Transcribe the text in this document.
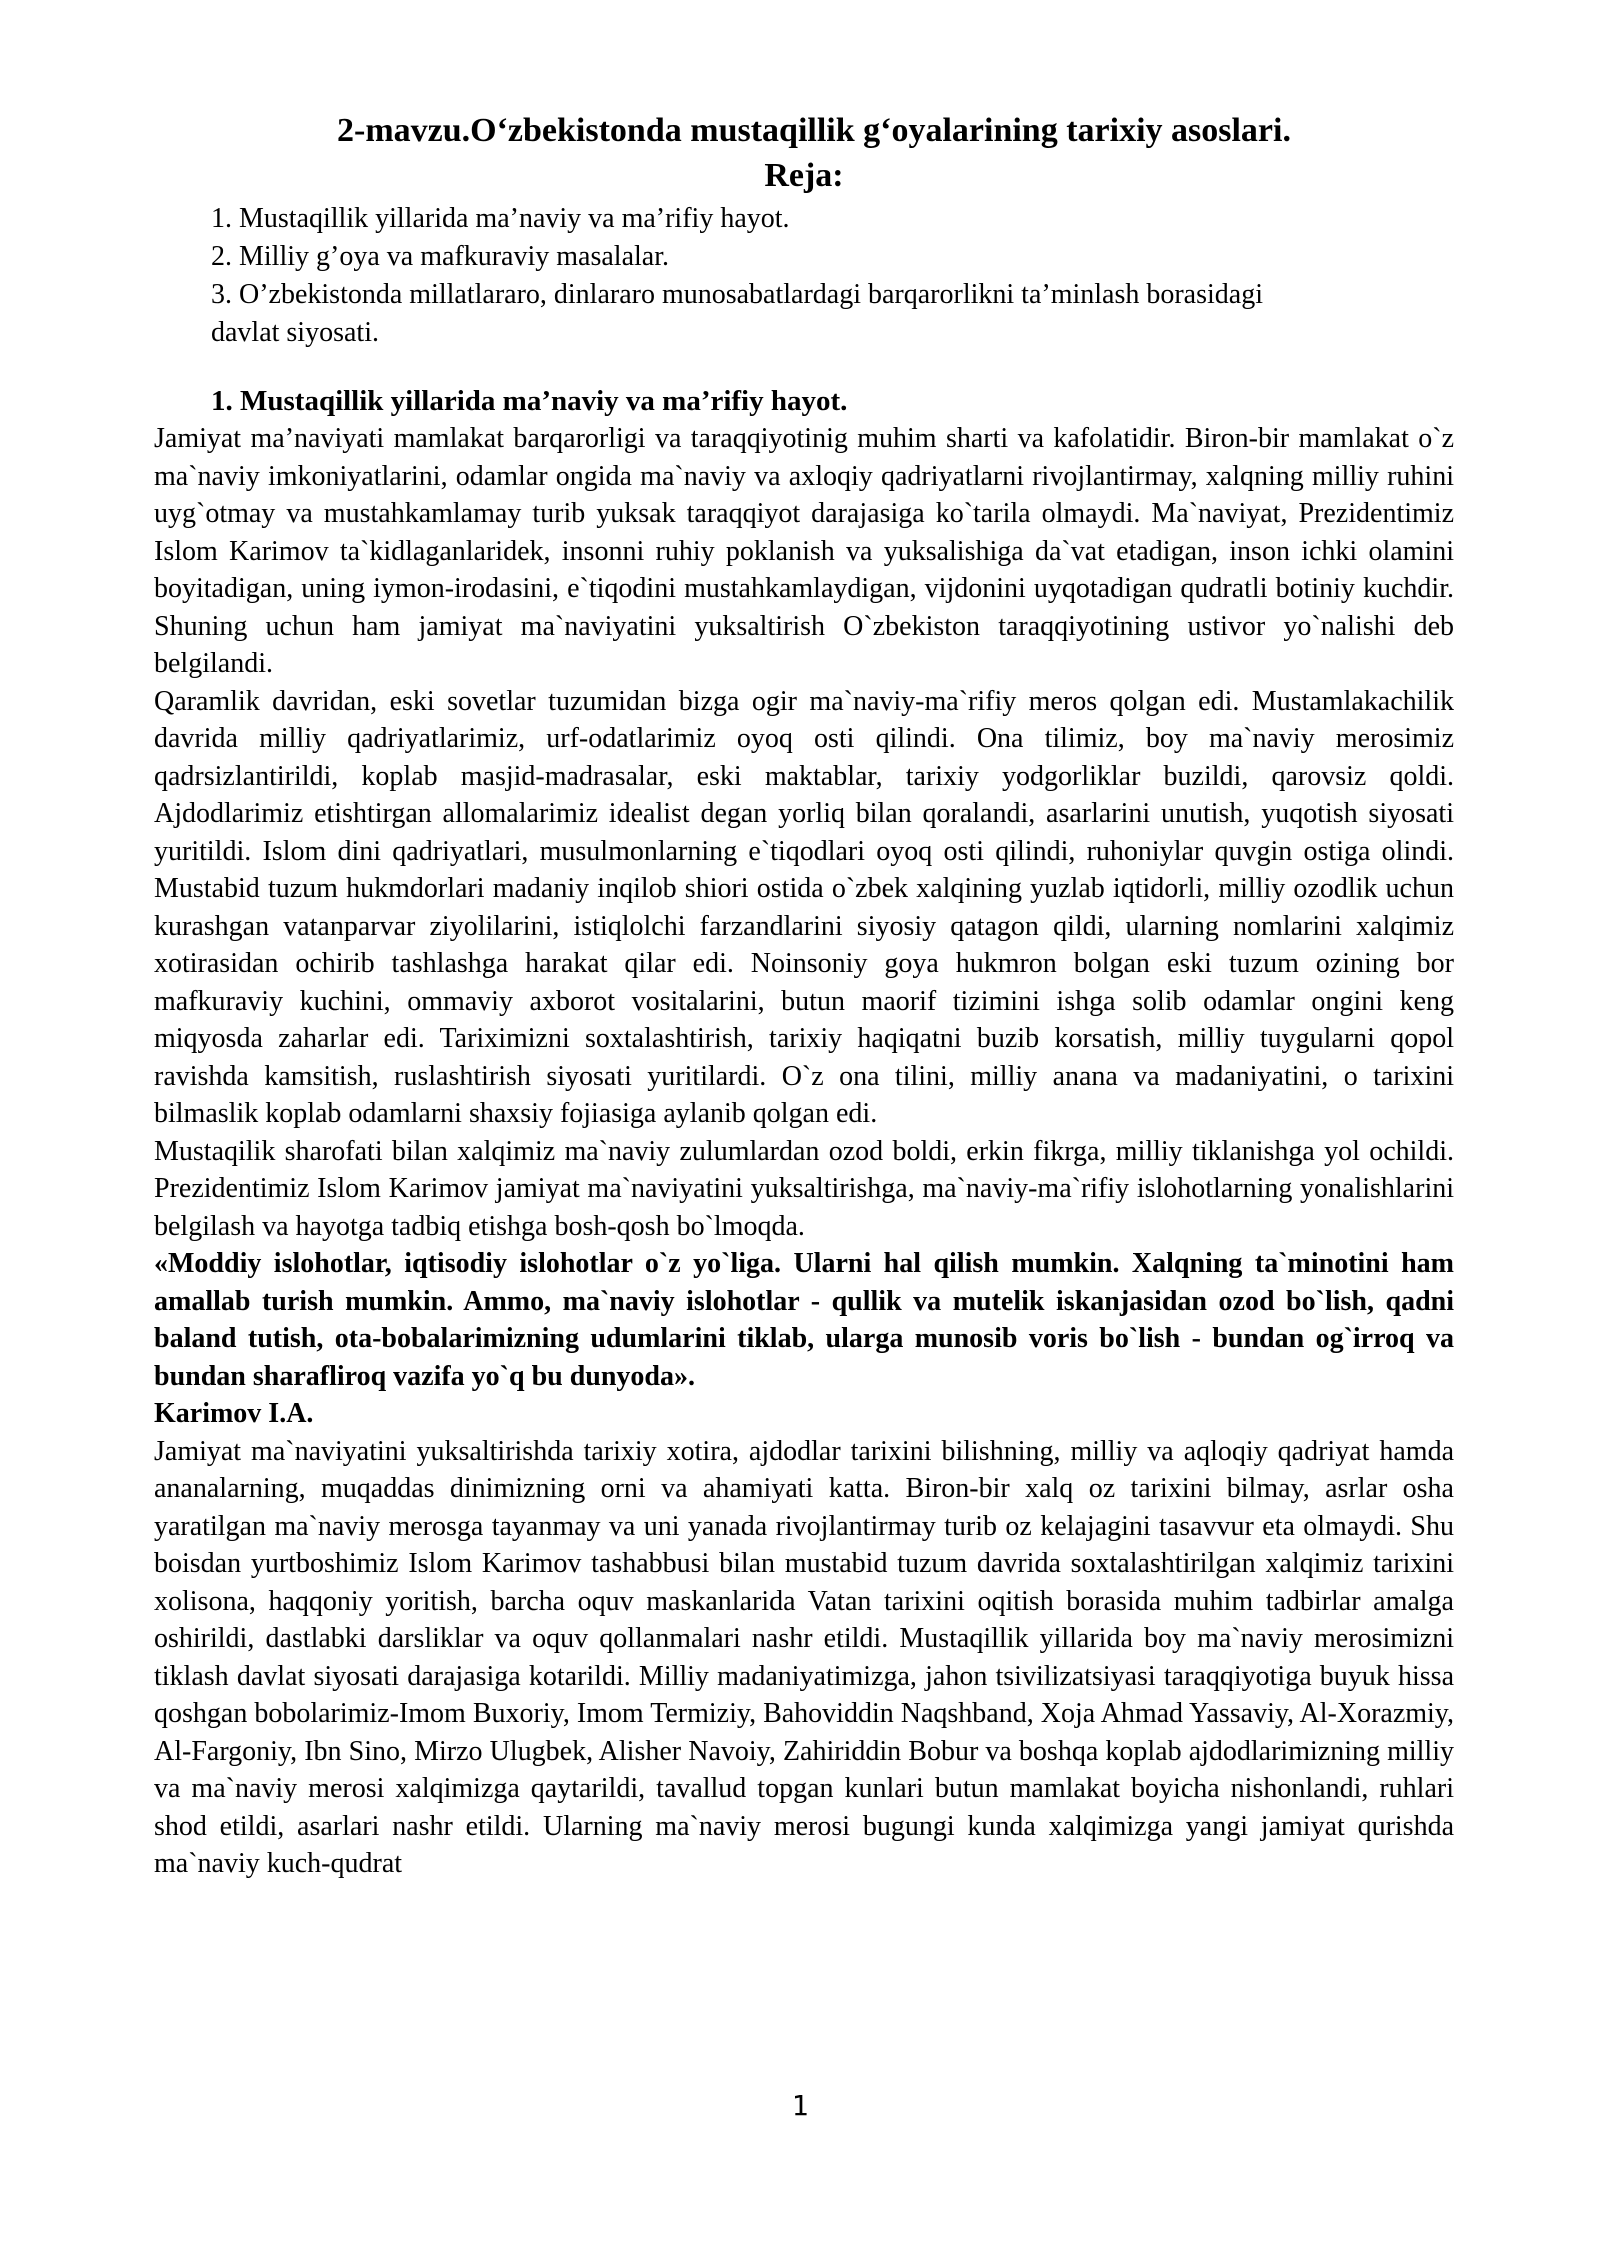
2-mavzu.O‘zbekistonda mustaqillik g‘oyalarining tarixiy asoslari.
Reja:
1. Mustaqillik yillarida ma’naviy va ma’rifiy hayot.
2. Milliy g’oya va mafkuraviy masalalar.
3. O’zbekistonda millatlararo, dinlararo munosabatlardagi barqarorlikni ta’minlash borasidagi davlat siyosati.
1. Mustaqillik yillarida ma’naviy va ma’rifiy hayot.

Jamiyat ma’naviyati mamlakat barqarorligi va taraqqiyotinig muhim sharti va kafolatidir. Biron-bir mamlakat o`z ma`naviy imkoniyatlarini, odamlar ongida ma`naviy va axloqiy qadriyatlarni rivojlantirmay, xalqning milliy ruhini uyg`otmay va mustahkamlamay turib yuksak taraqqiyot darajasiga ko`tarila olmaydi. Ma`naviyat, Prezidentimiz Islom Karimov ta`kidlaganlaridek, insonni ruhiy poklanish va yuksalishiga da`vat etadigan, inson ichki olamini boyitadigan, uning iymon-irodasini, e`tiqodini mustahkamlaydigan, vijdonini uyqotadigan qudratli botiniy kuchdir. Shuning uchun ham jamiyat ma`naviyatini yuksaltirish O`zbekiston taraqqiyotining ustivor yo`nalishi deb belgilandi.

Qaramlik davridan, eski sovetlar tuzumidan bizga ogir ma`naviy-ma`rifiy meros qolgan edi. Mustamlakachilik davrida milliy qadriyatlarimiz, urf-odatlarimiz oyoq osti qilindi. Ona tilimiz, boy ma`naviy merosimiz qadrsizlantirildi, koplab masjid-madrasalar, eski maktablar, tarixiy yodgorliklar buzildi, qarovsiz qoldi. Ajdodlarimiz etishtirgan allomalarimiz idealist degan yorliq bilan qoralandi, asarlarini unutish, yuqotish siyosati yuritildi. Islom dini qadriyatlari, musulmonlarning e`tiqodlari oyoq osti qilindi, ruhoniylar quvgin ostiga olindi. Mustabid tuzum hukmdorlari madaniy inqilob shiori ostida o`zbek xalqining yuzlab iqtidorli, milliy ozodlik uchun kurashgan vatanparvar ziyolilarini, istiqlolchi farzandlarini siyosiy qatagon qildi, ularning nomlarini xalqimiz xotirasidan ochirib tashlashga harakat qilar edi. Noinsoniy goya hukmron bolgan eski tuzum ozining bor mafkuraviy kuchini, ommaviy axborot vositalarini, butun maorif tizimini ishga solib odamlar ongini keng miqyosda zaharlar edi. Tariximizni soxtalashtirish, tarixiy haqiqatni buzib korsatish, milliy tuygularni qopol ravishda kamsitish, ruslashtirish siyosati yuritilardi. O`z ona tilini, milliy anana va madaniyatini, o tarixini bilmaslik koplab odamlarni shaxsiy fojiasiga aylanib qolgan edi.

Mustaqilik sharofati bilan xalqimiz ma`naviy zulumlardan ozod boldi, erkin fikrga, milliy tiklanishga yol ochildi. Prezidentimiz Islom Karimov jamiyat ma`naviyatini yuksaltirishga, ma`naviy-ma`rifiy islohotlarning yonalishlarini belgilash va hayotga tadbiq etishga bosh-qosh bo`lmoqda.

«Moddiy islohotlar, iqtisodiy islohotlar o`z yo`liga. Ularni hal qilish mumkin. Xalqning ta`minotini ham amallab turish mumkin. Ammo, ma`naviy islohotlar - qullik va mutelik iskanjasidan ozod bo`lish, qadni baland tutish, ota-bobalarimizning udumlarini tiklab, ularga munosib voris bo`lish - bundan og`irroq va bundan sharafliroq vazifa yo`q bu dunyoda».

Karimov I.A.

Jamiyat ma`naviyatini yuksaltirishda tarixiy xotira, ajdodlar tarixini bilishning, milliy va aqloqiy qadriyat hamda ananalarning, muqaddas dinimizning orni va ahamiyati katta. Biron-bir xalq oz tarixini bilmay, asrlar osha yaratilgan ma`naviy merosga tayanmay va uni yanada rivojlantirmay turib oz kelajagini tasavvur eta olmaydi. Shu boisdan yurtboshimiz Islom Karimov tashabbusi bilan mustabid tuzum davrida soxtalashtirilgan xalqimiz tarixini xolisona, haqqoniy yoritish, barcha oquv maskanlarida Vatan tarixini oqitish borasida muhim tadbirlar amalga oshirildi, dastlabki darsliklar va oquv qollanmalari nashr etildi. Mustaqillik yillarida boy ma`naviy merosimizni tiklash davlat siyosati darajasiga kotarildi. Milliy madaniyatimizga, jahon tsivilizatsiyasi taraqqiyotiga buyuk hissa qoshgan bobolarimiz-Imom Buxoriy, Imom Termiziy, Bahoviddin Naqshband, Xoja Ahmad Yassaviy, Al-Xorazmiy, Al-Fargoniy, Ibn Sino, Mirzo Ulugbek, Alisher Navoiy, Zahiriddin Bobur va boshqa koplab ajdodlarimizning milliy va ma`naviy merosi xalqimizga qaytarildi, tavallud topgan kunlari butun mamlakat boyicha nishonlandi, ruhlari shod etildi, asarlari nashr etildi. Ularning ma`naviy merosi bugungi kunda xalqimizga yangi jamiyat qurishda ma`naviy kuch-qudrat

1
